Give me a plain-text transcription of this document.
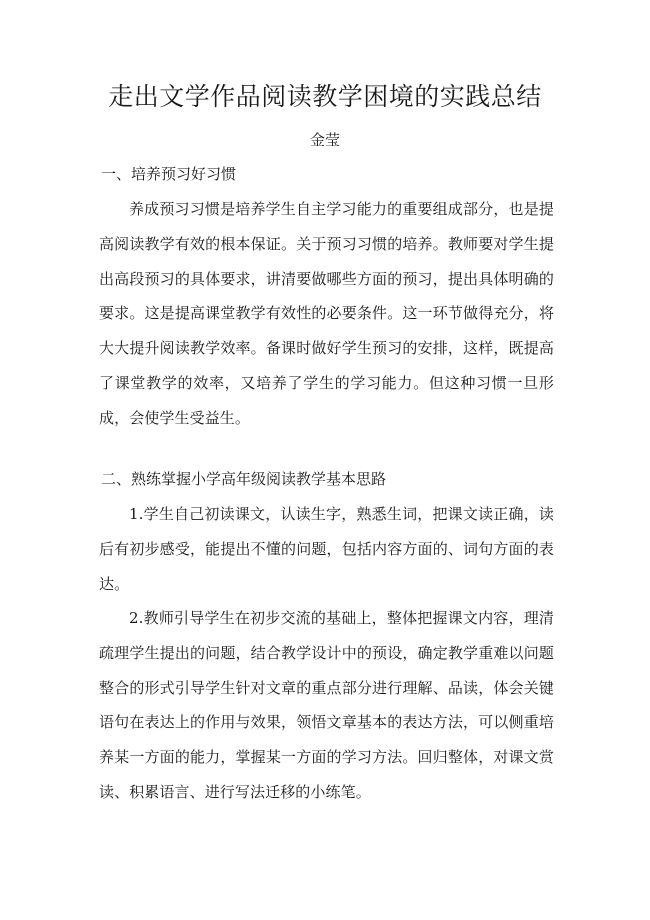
走出文学作品阅读教学困境的实践总结
金莹
一、培养预习好习惯

养成预习习惯是培养学生自主学习能力的重要组成部分，也是提高阅读教学有效的根本保证。关于预习习惯的培养。教师要对学生提出高段预习的具体要求，讲清要做哪些方面的预习，提出具体明确的要求。这是提高课堂教学有效性的必要条件。这一环节做得充分，将大大提升阅读教学效率。备课时做好学生预习的安排，这样，既提高了课堂教学的效率，又培养了学生的学习能力。但这种习惯一旦形成，会使学生受益生。

二、熟练掌握小学高年级阅读教学基本思路

1.学生自己初读课文，认读生字，熟悉生词，把课文读正确，读后有初步感受，能提出不懂的问题，包括内容方面的、词句方面的表达。

2.教师引导学生在初步交流的基础上，整体把握课文内容，理清疏理学生提出的问题，结合教学设计中的预设，确定教学重难以问题整合的形式引导学生针对文章的重点部分进行理解、品读，体会关键语句在表达上的作用与效果，领悟文章基本的表达方法，可以侧重培养某一方面的能力，掌握某一方面的学习方法。回归整体，对课文赏读、积累语言、进行写法迁移的小练笔。
